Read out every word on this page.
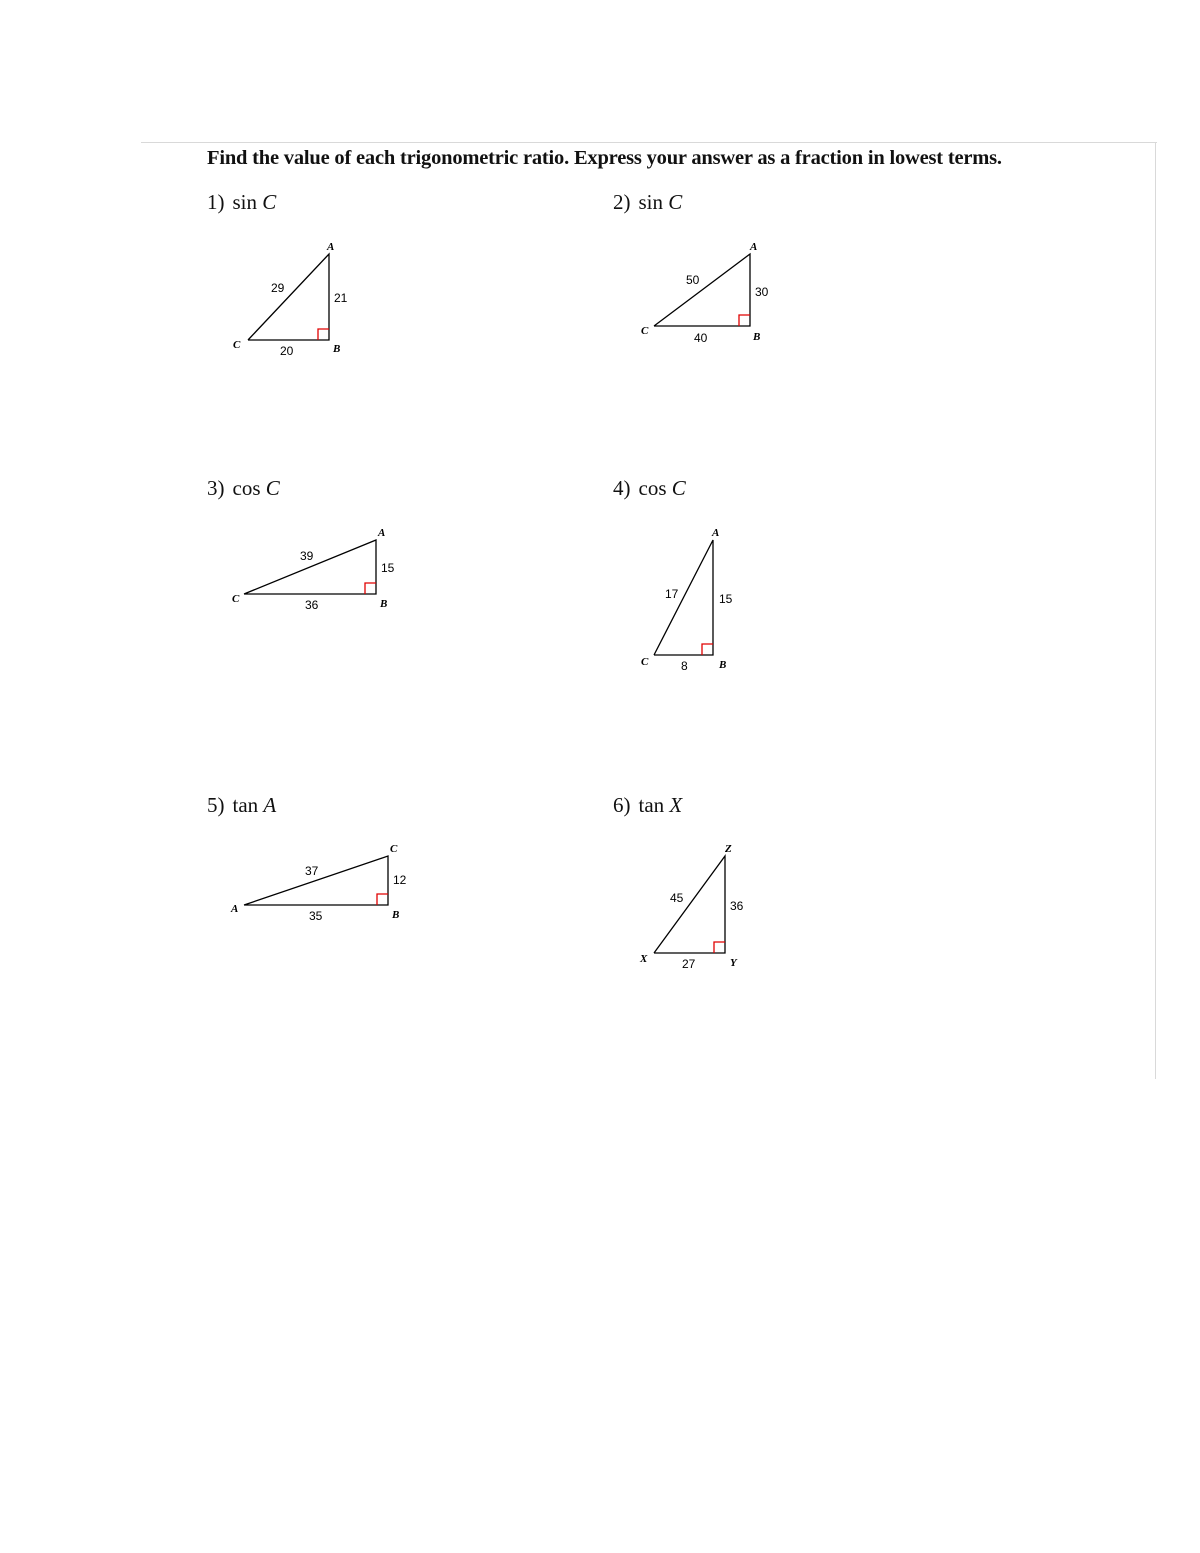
Find the value of each trigonometric ratio. Express your answer as a fraction in lowest terms.
1) sin C
29
21
20
A
B
C
2) sin C
50
30
40
A
B
C
3) cos C
39
15
36
A
B
C
4) cos C
17	15
8
A
B
C
5) tan A
37
12
35
C
B
A
6) tan X
45
36
27
Z
Y
X
